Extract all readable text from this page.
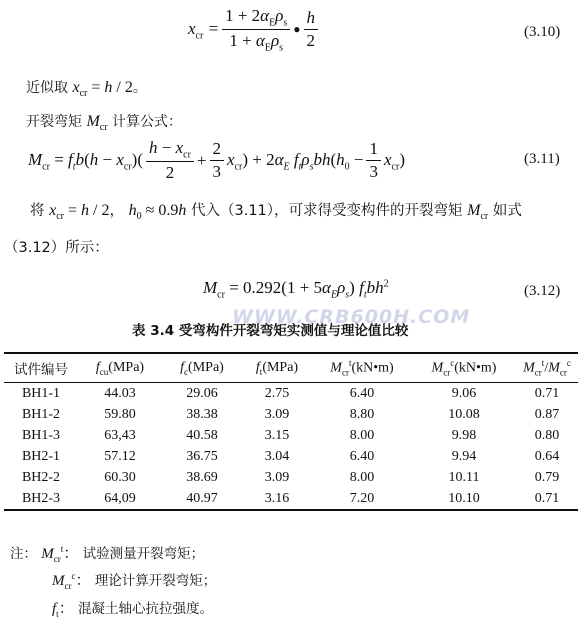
$x_{cr} = \frac{1 + 2\alpha_E\rho_s}{1 + \alpha_E\rho_s}$ ● $\frac{h}{2}$	(3.10)
近似取 $x_{cr} = h / 2$。
开裂弯矩 $M_{cr}$ 计算公式：
$M_{cr} = f_tb(h - x_{cr})( \frac{h - x_{cr}}{2} + \frac{2}{3} x_{cr}) + 2\alpha_E$ $f_t\rho_sbh(h_0 - \frac{1}{3} x_{cr})$	(3.11)
将 $x_{cr} = h / 2$， $h_0 \approx 0.9h$ 代入（3.11），可求得受变构件的开裂弯矩 $M_{cr}$ 如式
（3.12）所示：
$M_{cr} = 0.292(1 + 5\alpha_E\rho_s)$ $f_tbh^2$	(3.12)
表 3.4 受弯构件开裂弯矩实测值与理论值比较
WWW.CRB600H.COM
试件编号	$f_{cu}(MPa)$	$f_c(MPa)$	$f_t(MPa)$	$M_{cr}^t(kN•m)$	$M_{cr}^c(kN•m)$	$M_{cr}^t/M_{cr}^c$
BH1-1	44.03	29.06	2.75	6.40	9.06	0.71
BH1-2	59.80	38.38	3.09	8.80	10.08	0.87
BH1-3	63,43	40.58	3.15	8.00	9.98	0.80
BH2-1	57.12	36.75	3.04	6.40	9.94	0.64
BH2-2	60.30	38.69	3.09	8.00	10.11	0.79
BH2-3	64,09	40.97	3.16	7.20	10.10	0.71
注： $M_{cr}^t$： 试验测量开裂弯矩；
$M_{cr}^c$： 理论计算开裂弯矩；
$f_t$： 混凝土轴心抗拉强度。
